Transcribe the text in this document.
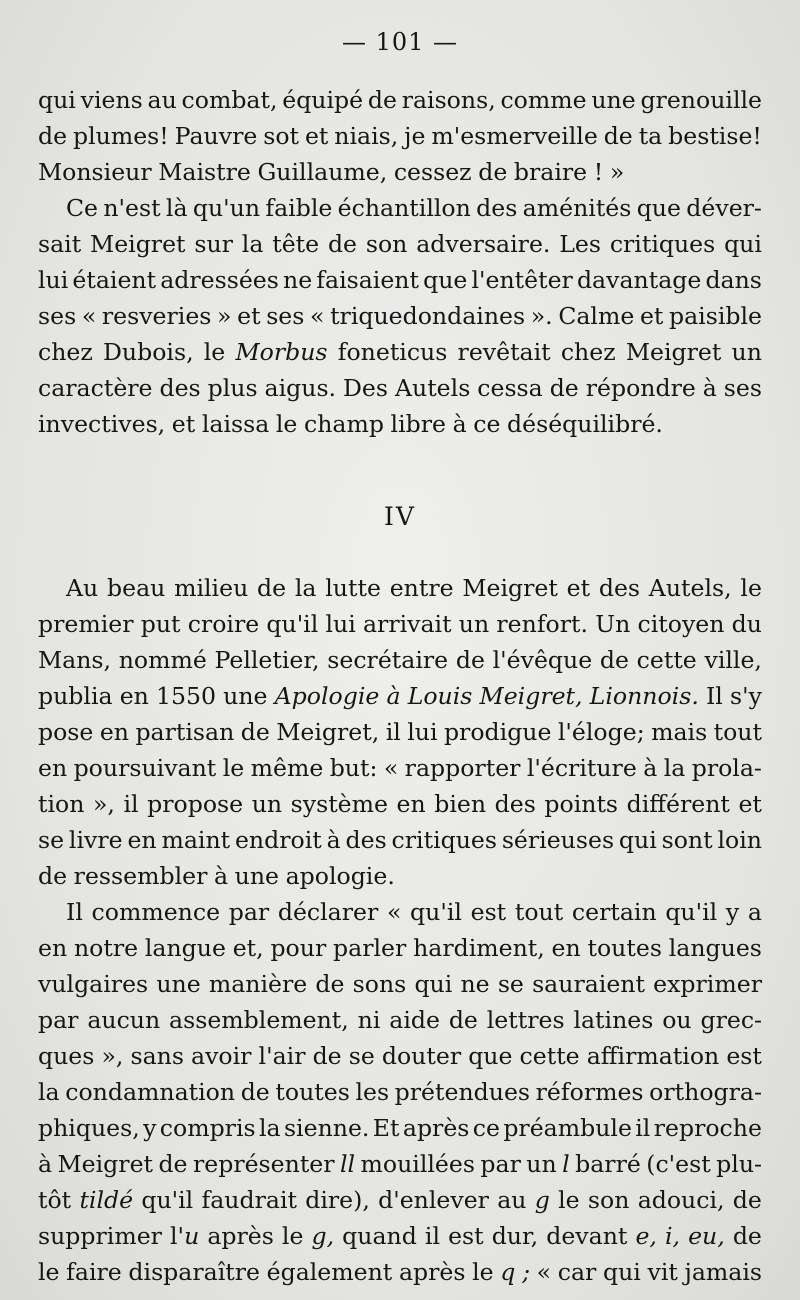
— 101 —
qui viens au combat, équipé de raisons, comme une grenouille
de plumes! Pauvre sot et niais, je m'esmerveille de ta bestise!
Monsieur Maistre Guillaume, cessez de braire ! »
Ce n'est là qu'un faible échantillon des aménités que déver-
sait Meigret sur la tête de son adversaire. Les critiques qui
lui étaient adressées ne faisaient que l'entêter davantage dans
ses « resveries » et ses « triquedondaines ». Calme et paisible
chez Dubois, le Morbus foneticus revêtait chez Meigret un
caractère des plus aigus. Des Autels cessa de répondre à ses
invectives, et laissa le champ libre à ce déséquilibré.
IV
Au beau milieu de la lutte entre Meigret et des Autels, le
premier put croire qu'il lui arrivait un renfort. Un citoyen du
Mans, nommé Pelletier, secrétaire de l'évêque de cette ville,
publia en 1550 une Apologie à Louis Meigret, Lionnois. Il s'y
pose en partisan de Meigret, il lui prodigue l'éloge; mais tout
en poursuivant le même but: « rapporter l'écriture à la prola-
tion », il propose un système en bien des points différent et
se livre en maint endroit à des critiques sérieuses qui sont loin
de ressembler à une apologie.
Il commence par déclarer « qu'il est tout certain qu'il y a
en notre langue et, pour parler hardiment, en toutes langues
vulgaires une manière de sons qui ne se sauraient exprimer
par aucun assemblement, ni aide de lettres latines ou grec-
ques », sans avoir l'air de se douter que cette affirmation est
la condamnation de toutes les prétendues réformes orthogra-
phiques, y compris la sienne. Et après ce préambule il reproche
à Meigret de représenter ll mouillées par un l barré (c'est plu-
tôt tildé qu'il faudrait dire), d'enlever au g le son adouci, de
supprimer l'u après le g, quand il est dur, devant e, i, eu, de
le faire disparaître également après le q ; « car qui vit jamais
